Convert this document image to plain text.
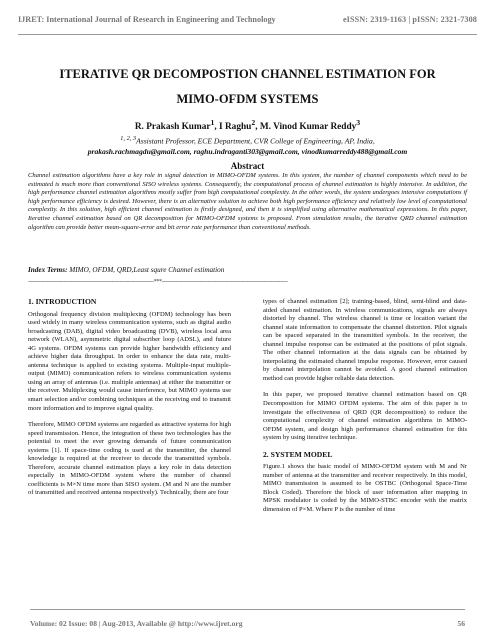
IJRET: International Journal of Research in Engineering and Technology	eISSN: 2319-1163 | pISSN: 2321-7308
ITERATIVE QR DECOMPOSTION CHANNEL ESTIMATION FOR
MIMO-OFDM SYSTEMS
R. Prakash Kumar$^1$, I Raghu$^2$, M. Vinod Kumar Reddy$^3$
$^{1, 2, 3}$Assistant Professor, ECE Department, CVR College of Engineering, AP, India,
prakash.rachmagdu@gmail.com, raghu.indraganti303@gmail.com, vinodkumarreddy488@gmail.com
Abstract
Channel estimation algorithms have a key role in signal detection in MIMO-OFDM systems. In this system, the number of channel components which need to be estimated is much more than conventional SISO wireless systems. Consequently, the computational process of channel estimation is highly intensive. In addition, the high performance channel estimation algorithms mostly suffer from high computational complexity. In the other words, the system undergoes intensive computations if high performance efficiency is desired. However, there is an alternative solution to achieve both high performance efficiency and relatively low level of computational complexity. In this solution, high efficient channel estimation is firstly designed, and then it is simplified using alternative mathematical expressions. In this paper, Iterative channel estimation based on QR decomposition for MIMO-OFDM systems is proposed. From simulation results, the iterative QRD channel estimation algorithm can provide better mean-square-error and bit error rate performance than conventional methods.
Index Terms: MIMO, OFDM, QRD,Least squre Channel estimation
--------------------------------------------------------------------------***--------------------------------------------------------------------------
1. INTRODUCTION

Orthogonal frequency division multiplexing (OFDM) technology has been used widely in many wireless communication systems, such as digital audio broadcasting (DAB), digital video broadcasting (DVB), wireless local area network (WLAN), asymmetric digital subscriber loop (ADSL), and future 4G systems. OFDM systems can provide higher bandwidth efficiency and achieve higher data throughput. In order to enhance the data rate, multi-antenna technique is applied to existing systems. Multiple-input multiple-output (MIMO) communication refers to wireless communication systems using an array of antennas (i.e. multiple antennas) at either the transmitter or the receiver. Multiplexing would cause interference, but MIMO systems use smart selection and/or combining techniques at the receiving end to transmit more information and to improve signal quality.

Therefore, MIMO OFDM systems are regarded as attractive systems for high speed transmission. Hence, the integration of these two technologies has the potential to meet the ever growing demands of future communication systems [1]. If space-time coding is used at the transmitter, the channel knowledge is required at the receiver to decode the transmitted symbols. Therefore, accurate channel estimation plays a key role in data detection especially in MIMO-OFDM system where the number of channel coefficients is M×N time more than SISO system. (M and N are the number of transmitted and received antenna respectively). Technically, there are four

types of channel estimation [2]; training-based, blind, semi-blind and data-aided channel estimation. In wireless communications, signals are always distorted by channel. The wireless channel is time or location variant the channel state information to compensate the channel distortion. Pilot signals can be spaced separated in the transmitted symbols. In the receiver, the channel impulse response can be estimated at the positions of pilot signals. The other channel information at the data signals can be obtained by interpolating the estimated channel impulse response. However, error caused by channel interpolation cannot be avoided. A good channel estimation method can provide higher reliable data detection.

In this paper, we proposed iterative channel estimation based on QR Decomposition for MIMO OFDM systems. The aim of this paper is to investigate the effectiveness of QRD (QR decomposition) to reduce the computational complexity of channel estimation algorithms in MIMO-OFDM system, and design high performance channel estimation for this system by using iterative technique.

2. SYSTEM MODEL

Figure.1 shows the basic model of MIMO-OFDM system with M and Nr number of antenna at the transmitter and receiver respectively. In this model, MIMO transmission is assumed to be OSTBC (Orthogonal Space-Time Block Coded). Therefore the block of user information after mapping in MPSK modulator is coded by the MIMO-STBC encoder with the matrix dimension of P×M. Where P is the number of time

Volume: 02 Issue: 08 | Aug-2013, Available @ http://www.ijret.org	56
